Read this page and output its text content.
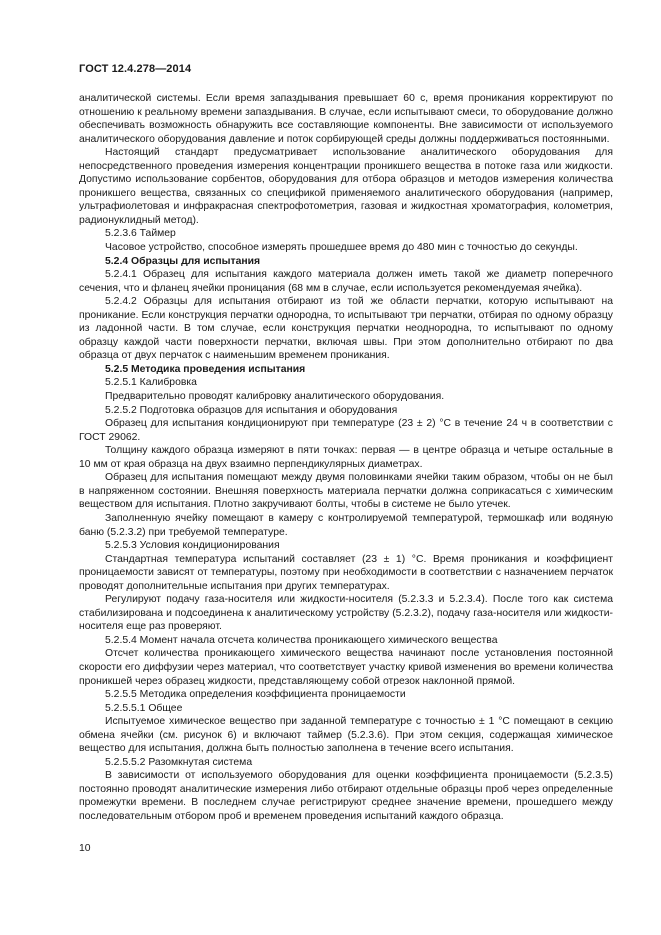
ГОСТ 12.4.278—2014

аналитической системы. Если время запаздывания превышает 60 с, время проникания корректируют по отношению к реальному времени запаздывания. В случае, если испытывают смеси, то оборудование должно обеспечивать возможность обнаружить все составляющие компоненты. Вне зависимости от используемого аналитического оборудования давление и поток сорбирующей среды должны поддерживаться постоянными.

Настоящий стандарт предусматривает использование аналитического оборудования для непосредственного проведения измерения концентрации проникшего вещества в потоке газа или жидкости. Допустимо использование сорбентов, оборудования для отбора образцов и методов измерения количества проникшего вещества, связанных со спецификой применяемого аналитического оборудования (например, ультрафиолетовая и инфракрасная спектрофотометрия, газовая и жидкостная хроматография, колометрия, радионуклидный метод).

5.2.3.6 Таймер

Часовое устройство, способное измерять прошедшее время до 480 мин с точностью до секунды.

5.2.4 Образцы для испытания

5.2.4.1 Образец для испытания каждого материала должен иметь такой же диаметр поперечного сечения, что и фланец ячейки проницания (68 мм в случае, если используется рекомендуемая ячейка).

5.2.4.2 Образцы для испытания отбирают из той же области перчатки, которую испытывают на проникание. Если конструкция перчатки однородна, то испытывают три перчатки, отбирая по одному образцу из ладонной части. В том случае, если конструкция перчатки неоднородна, то испытывают по одному образцу каждой части поверхности перчатки, включая швы. При этом дополнительно отбирают по два образца от двух перчаток с наименьшим временем проникания.

5.2.5 Методика проведения испытания

5.2.5.1 Калибровка

Предварительно проводят калибровку аналитического оборудования.

5.2.5.2 Подготовка образцов для испытания и оборудования

Образец для испытания кондиционируют при температуре (23 ± 2) °С в течение 24 ч в соответствии с ГОСТ 29062.

Толщину каждого образца измеряют в пяти точках: первая — в центре образца и четыре остальные в 10 мм от края образца на двух взаимно перпендикулярных диаметрах.

Образец для испытания помещают между двумя половинками ячейки таким образом, чтобы он не был в напряженном состоянии. Внешняя поверхность материала перчатки должна соприкасаться с химическим веществом для испытания. Плотно закручивают болты, чтобы в системе не было утечек.

Заполненную ячейку помещают в камеру с контролируемой температурой, термошкаф или водяную баню (5.2.3.2) при требуемой температуре.

5.2.5.3 Условия кондиционирования

Стандартная температура испытаний составляет (23 ± 1) °С. Время проникания и коэффициент проницаемости зависят от температуры, поэтому при необходимости в соответствии с назначением перчаток проводят дополнительные испытания при других температурах.

Регулируют подачу газа-носителя или жидкости-носителя (5.2.3.3 и 5.2.3.4). После того как система стабилизирована и подсоединена к аналитическому устройству (5.2.3.2), подачу газа-носителя или жидкости-носителя еще раз проверяют.

5.2.5.4 Момент начала отсчета количества проникающего химического вещества

Отсчет количества проникающего химического вещества начинают после установления постоянной скорости его диффузии через материал, что соответствует участку кривой изменения во времени количества проникшей через образец жидкости, представляющему собой отрезок наклонной прямой.

5.2.5.5 Методика определения коэффициента проницаемости

5.2.5.5.1 Общее

Испытуемое химическое вещество при заданной температуре с точностью ± 1 °С помещают в секцию обмена ячейки (см. рисунок 6) и включают таймер (5.2.3.6). При этом секция, содержащая химическое вещество для испытания, должна быть полностью заполнена в течение всего испытания.

5.2.5.5.2 Разомкнутая система

В зависимости от используемого оборудования для оценки коэффициента проницаемости (5.2.3.5) постоянно проводят аналитические измерения либо отбирают отдельные образцы проб через определенные промежутки времени. В последнем случае регистрируют среднее значение времени, прошедшего между последовательным отбором проб и временем проведения испытаний каждого образца.

10
